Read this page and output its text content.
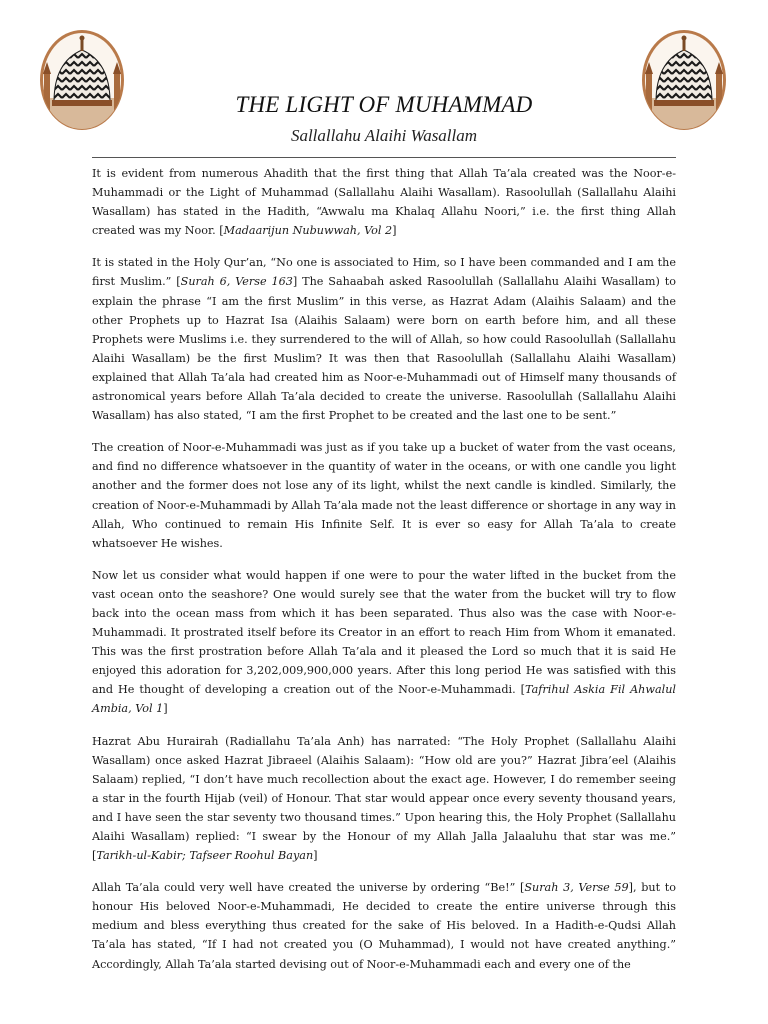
THE LIGHT OF MUHAMMAD
Sallallahu Alaihi Wasallam

It is evident from numerous Ahadith that the first thing that Allah Ta’ala created was the Noor-e-Muhammadi or the Light of Muhammad (Sallallahu Alaihi Wasallam). Rasoolullah (Sallallahu Alaihi Wasallam) has stated in the Hadith, “Awwalu ma Khalaq Allahu Noori,” i.e. the first thing Allah created was my Noor. [Madaarijun Nubuwwah, Vol 2]

It is stated in the Holy Qur’an, “No one is associated to Him, so I have been commanded and I am the first Muslim.” [Surah 6, Verse 163] The Sahaabah asked Rasoolullah (Sallallahu Alaihi Wasallam) to explain the phrase “I am the first Muslim” in this verse, as Hazrat Adam (Alaihis Salaam) and the other Prophets up to Hazrat Isa (Alaihis Salaam) were born on earth before him, and all these Prophets were Muslims i.e. they surrendered to the will of Allah, so how could Rasoolullah (Sallallahu Alaihi Wasallam) be the first Muslim? It was then that Rasoolullah (Sallallahu Alaihi Wasallam) explained that Allah Ta’ala had created him as Noor-e-Muhammadi out of Himself many thousands of astronomical years before Allah Ta’ala decided to create the universe. Rasoolullah (Sallallahu Alaihi Wasallam) has also stated, “I am the first Prophet to be created and the last one to be sent.”

The creation of Noor-e-Muhammadi was just as if you take up a bucket of water from the vast oceans, and find no difference whatsoever in the quantity of water in the oceans, or with one candle you light another and the former does not lose any of its light, whilst the next candle is kindled. Similarly, the creation of Noor-e-Muhammadi by Allah Ta’ala made not the least difference or shortage in any way in Allah, Who continued to remain His Infinite Self. It is ever so easy for Allah Ta’ala to create whatsoever He wishes.

Now let us consider what would happen if one were to pour the water lifted in the bucket from the vast ocean onto the seashore? One would surely see that the water from the bucket will try to flow back into the ocean mass from which it has been separated. Thus also was the case with Noor-e-Muhammadi. It prostrated itself before its Creator in an effort to reach Him from Whom it emanated. This was the first prostration before Allah Ta’ala and it pleased the Lord so much that it is said He enjoyed this adoration for 3,202,009,900,000 years. After this long period He was satisfied with this and He thought of developing a creation out of the Noor-e-Muhammadi. [Tafrihul Askia Fil Ahwalul Ambia, Vol 1]

Hazrat Abu Hurairah (Radiallahu Ta’ala Anh) has narrated: “The Holy Prophet (Sallallahu Alaihi Wasallam) once asked Hazrat Jibraeel (Alaihis Salaam): “How old are you?” Hazrat Jibra’eel (Alaihis Salaam) replied, “I don’t have much recollection about the exact age. However, I do remember seeing a star in the fourth Hijab (veil) of Honour. That star would appear once every seventy thousand years, and I have seen the star seventy two thousand times.” Upon hearing this, the Holy Prophet (Sallallahu Alaihi Wasallam) replied: “I swear by the Honour of my Allah Jalla Jalaaluhu that star was me.” [Tarikh-ul-Kabir; Tafseer Roohul Bayan]

Allah Ta’ala could very well have created the universe by ordering “Be!” [Surah 3, Verse 59], but to honour His beloved Noor-e-Muhammadi, He decided to create the entire universe through this medium and bless everything thus created for the sake of His beloved. In a Hadith-e-Qudsi Allah Ta’ala has stated, “If I had not created you (O Muhammad), I would not have created anything.” Accordingly, Allah Ta’ala started devising out of Noor-e-Muhammadi each and every one of the
